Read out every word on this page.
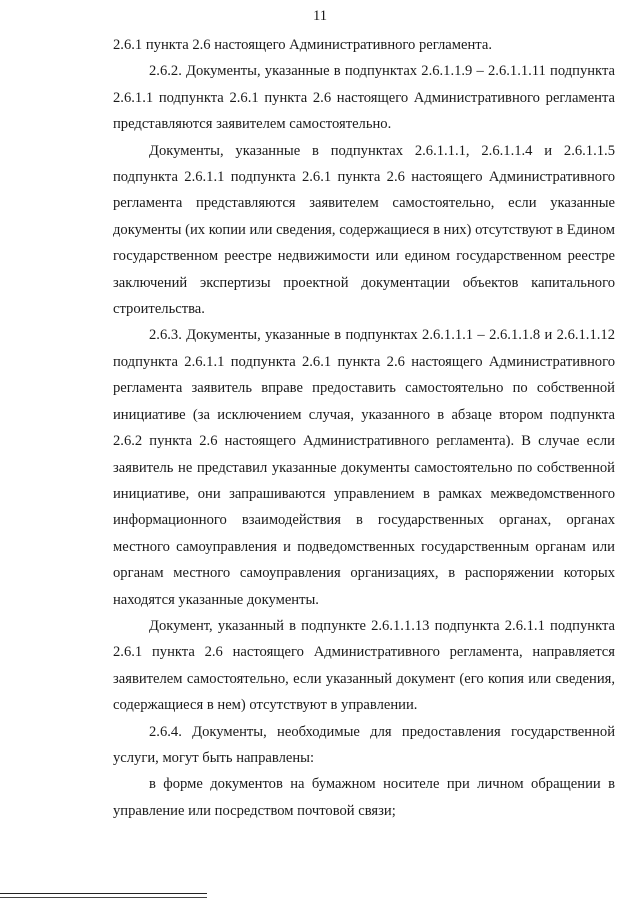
11

2.6.1 пункта 2.6 настоящего Административного регламента.

2.6.2. Документы, указанные в подпунктах 2.6.1.1.9 – 2.6.1.1.11 подпункта 2.6.1.1 подпункта 2.6.1 пункта 2.6 настоящего Административного регламента представляются заявителем самостоятельно.

Документы, указанные в подпунктах 2.6.1.1.1, 2.6.1.1.4 и 2.6.1.1.5 подпункта 2.6.1.1 подпункта 2.6.1 пункта 2.6 настоящего Административного регламента представляются заявителем самостоятельно, если указанные документы (их копии или сведения, содержащиеся в них) отсутствуют в Едином государственном реестре недвижимости или едином государственном реестре заключений экспертизы проектной документации объектов капитального строительства.

2.6.3. Документы, указанные в подпунктах 2.6.1.1.1 – 2.6.1.1.8 и 2.6.1.1.12 подпункта 2.6.1.1 подпункта 2.6.1 пункта 2.6 настоящего Административного регламента заявитель вправе предоставить самостоятельно по собственной инициативе (за исключением случая, указанного в абзаце втором подпункта 2.6.2 пункта 2.6 настоящего Административного регламента). В случае если заявитель не представил указанные документы самостоятельно по собственной инициативе, они запрашиваются управлением в рамках межведомственного информационного взаимодействия в государственных органах, органах местного самоуправления и подведомственных государственным органам или органам местного самоуправления организациях, в распоряжении которых находятся указанные документы.

Документ, указанный в подпункте 2.6.1.1.13 подпункта 2.6.1.1 подпункта 2.6.1 пункта 2.6 настоящего Административного регламента, направляется заявителем самостоятельно, если указанный документ (его копия или сведения, содержащиеся в нем) отсутствуют в управлении.

2.6.4. Документы, необходимые для предоставления государственной услуги, могут быть направлены:

в форме документов на бумажном носителе при личном обращении в управление или посредством почтовой связи;
